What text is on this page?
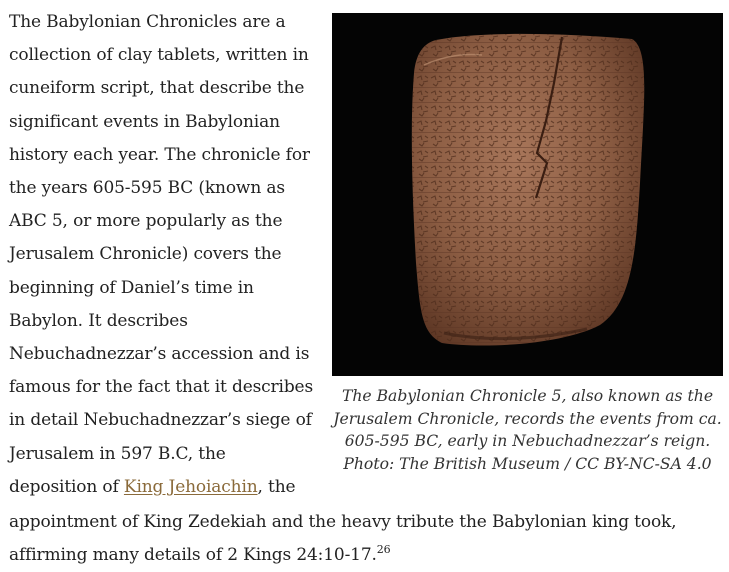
The Babylonian Chronicles are a
collection of clay tablets, written in
cuneiform script, that describe the
significant events in Babylonian
history each year. The chronicle for
the years 605-595 BC (known as
ABC 5, or more popularly as the
Jerusalem Chronicle) covers the
beginning of Daniel’s time in
Babylon. It describes
Nebuchadnezzar’s accession and is
famous for the fact that it describes
in detail Nebuchadnezzar’s siege of
Jerusalem in 597 B.C, the
deposition of King Jehoiachin, the
appointment of King Zedekiah and the heavy tribute the Babylonian king took,
affirming many details of 2 Kings 24:10-17.26
The Babylonian Chronicle 5, also known as the
Jerusalem Chronicle, records the events from ca.
605-595 BC, early in Nebuchadnezzar’s reign.
Photo: The British Museum / CC BY-NC-SA 4.0
